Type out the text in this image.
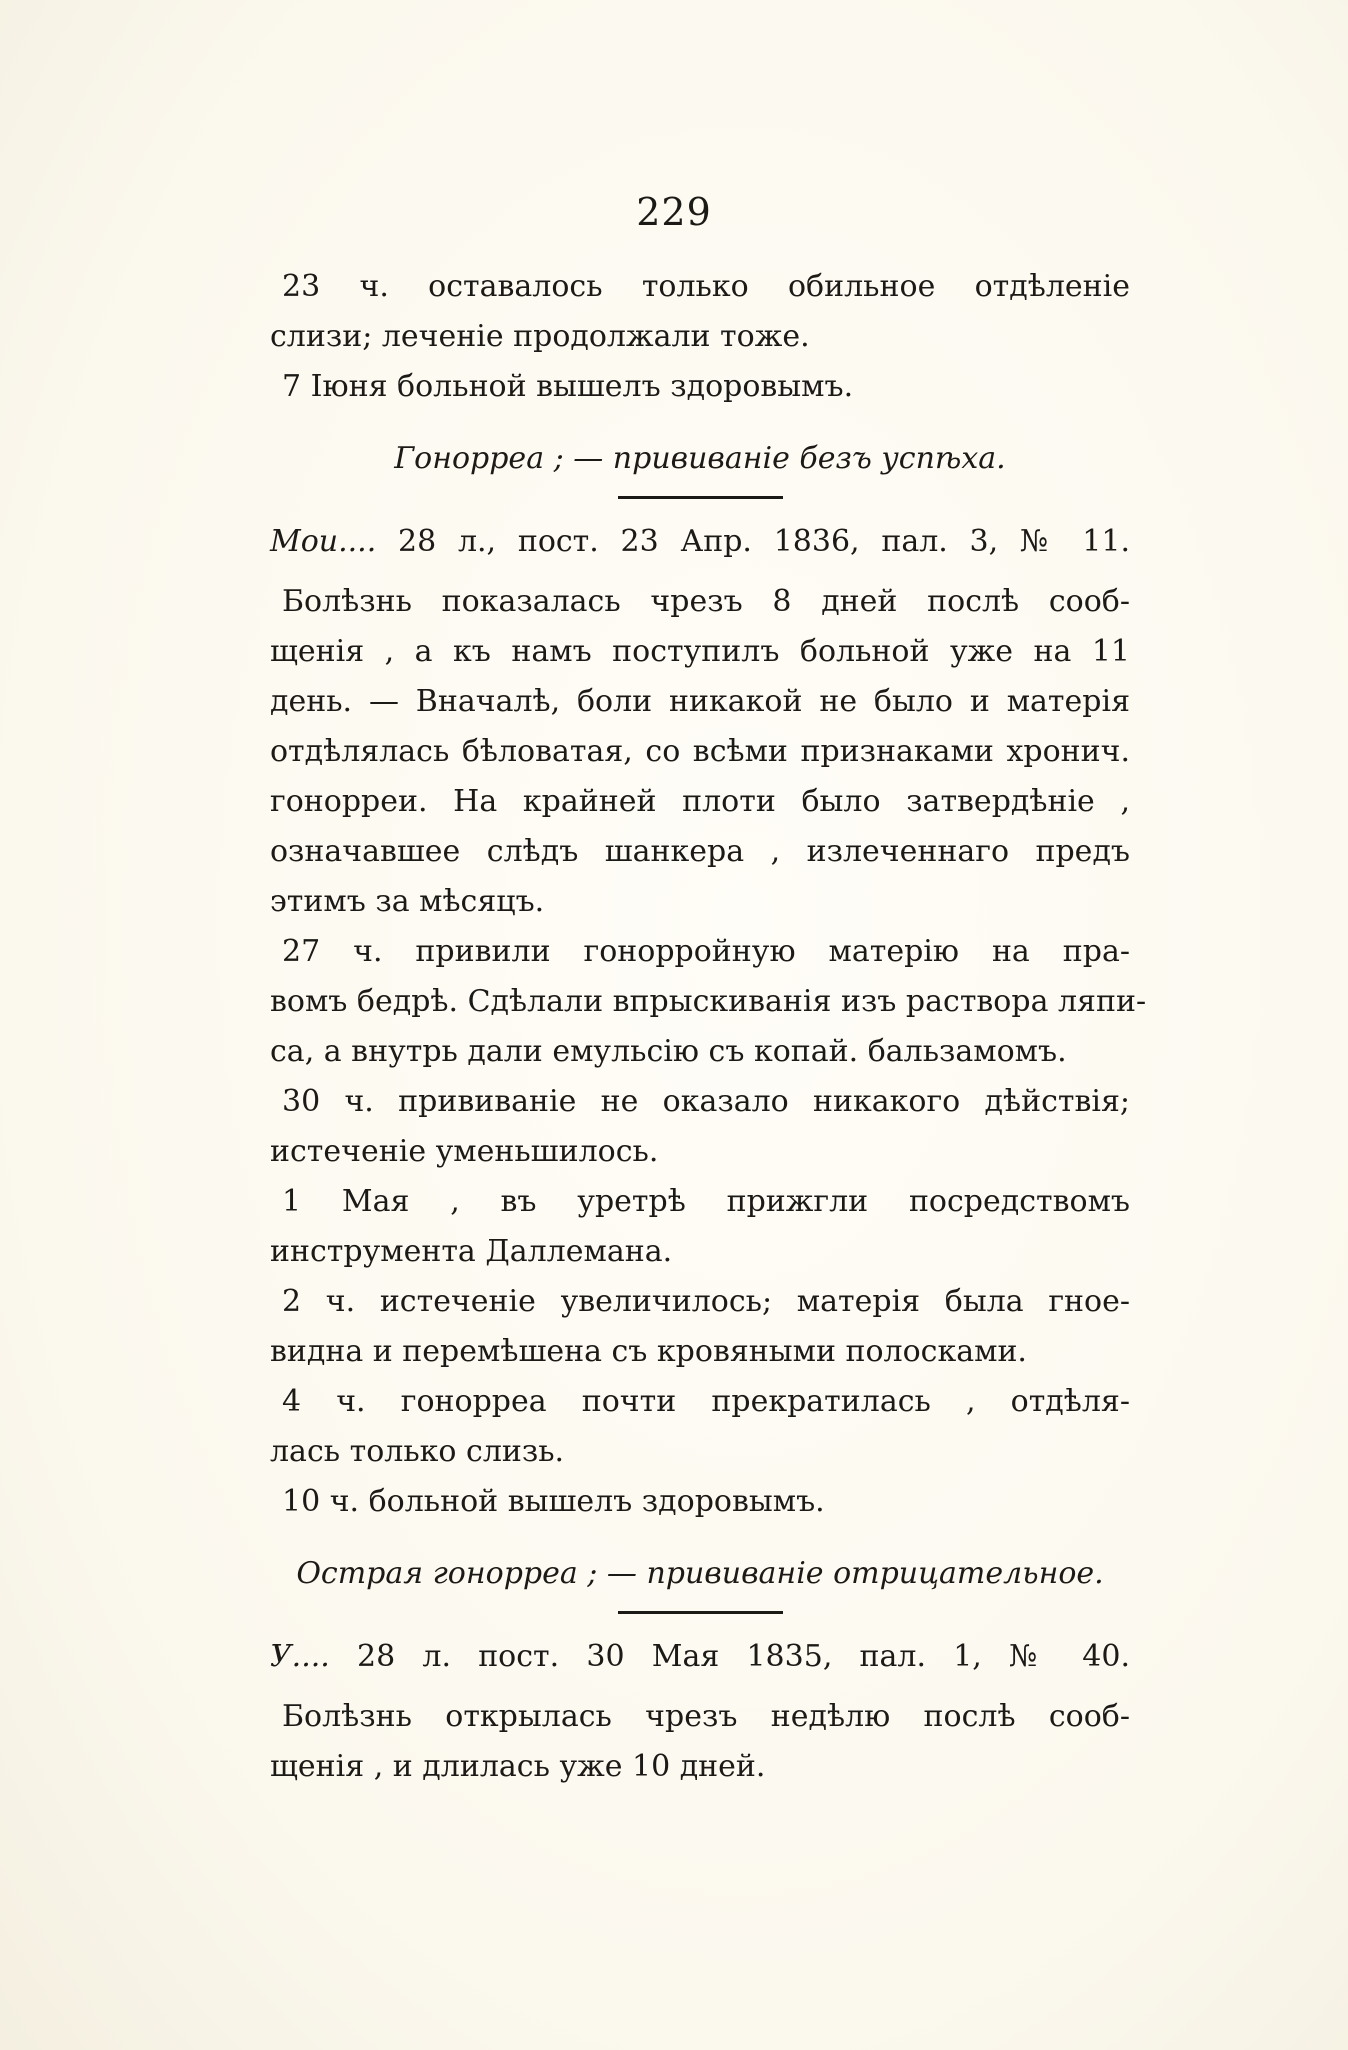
229
23 ч. оставалось только обильное отдѣленіе
слизи; леченіе продолжали тоже.
7 Іюня больной вышелъ здоровымъ.
Гонорреа ; — прививаніе безъ успѣха.
Мои.... 28 л., пост. 23 Апр. 1836, пал. 3, № 11.
Болѣзнь показалась чрезъ 8 дней послѣ сооб-
щенія , а къ намъ поступилъ больной уже на 11
день. — Вначалѣ, боли никакой не было и матерія
отдѣлялась бѣловатая, со всѣми признаками хронич.
гонорреи. На крайней плоти было затвердѣніе ,
означавшее слѣдъ шанкера , излеченнаго предъ
этимъ за мѣсяцъ.
27 ч. привили гонорройную матерію на пра-
вомъ бедрѣ. Сдѣлали впрыскиванія изъ раствора ляпи-
са, а внутрь дали емульсію съ копай. бальзамомъ.
30 ч. прививаніе не оказало никакого дѣйствія;
истеченіе уменьшилось.
1 Мая , въ уретрѣ прижгли посредствомъ
инструмента Даллемана.
2 ч. истеченіе увеличилось; матерія была гное-
видна и перемѣшена съ кровяными полосками.
4 ч. гонорреа почти прекратилась , отдѣля-
лась только слизь.
10 ч. больной вышелъ здоровымъ.
Острая гонорреа ; — прививаніе отрицательное.
У.... 28 л. пост. 30 Мая 1835, пал. 1, № 40.
Болѣзнь открылась чрезъ недѣлю послѣ сооб-
щенія , и длилась уже 10 дней.
